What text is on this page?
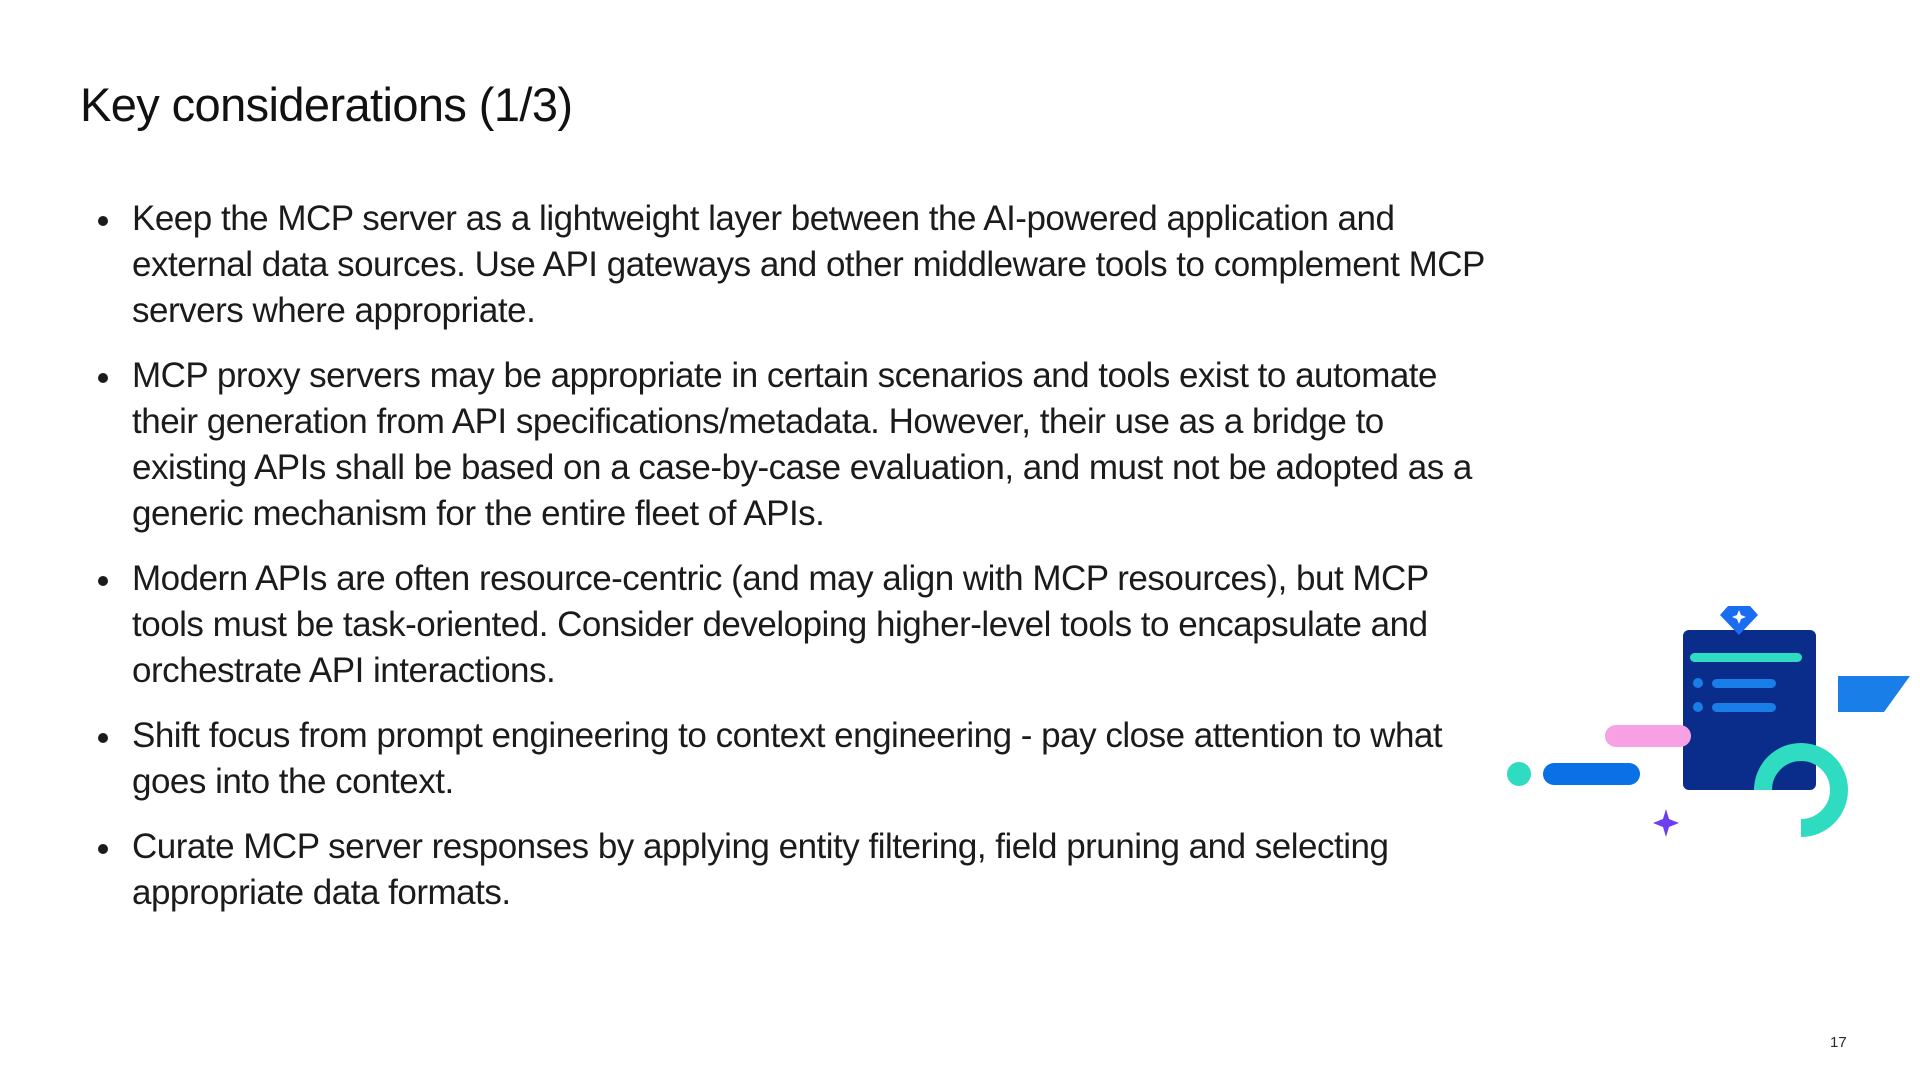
Key considerations (1/3)
Keep the MCP server as a lightweight layer between the AI-powered application and external data sources. Use API gateways and other middleware tools to complement MCP servers where appropriate.
MCP proxy servers may be appropriate in certain scenarios and tools exist to automate their generation from API specifications/metadata. However, their use as a bridge to existing APIs shall be based on a case-by-case evaluation, and must not be adopted as a generic mechanism for the entire fleet of APIs.
Modern APIs are often resource-centric (and may align with MCP resources), but MCP tools must be task-oriented. Consider developing higher-level tools to encapsulate and orchestrate API interactions.
Shift focus from prompt engineering to context engineering - pay close attention to what goes into the context.
Curate MCP server responses by applying entity filtering, field pruning and selecting appropriate data formats.
17
